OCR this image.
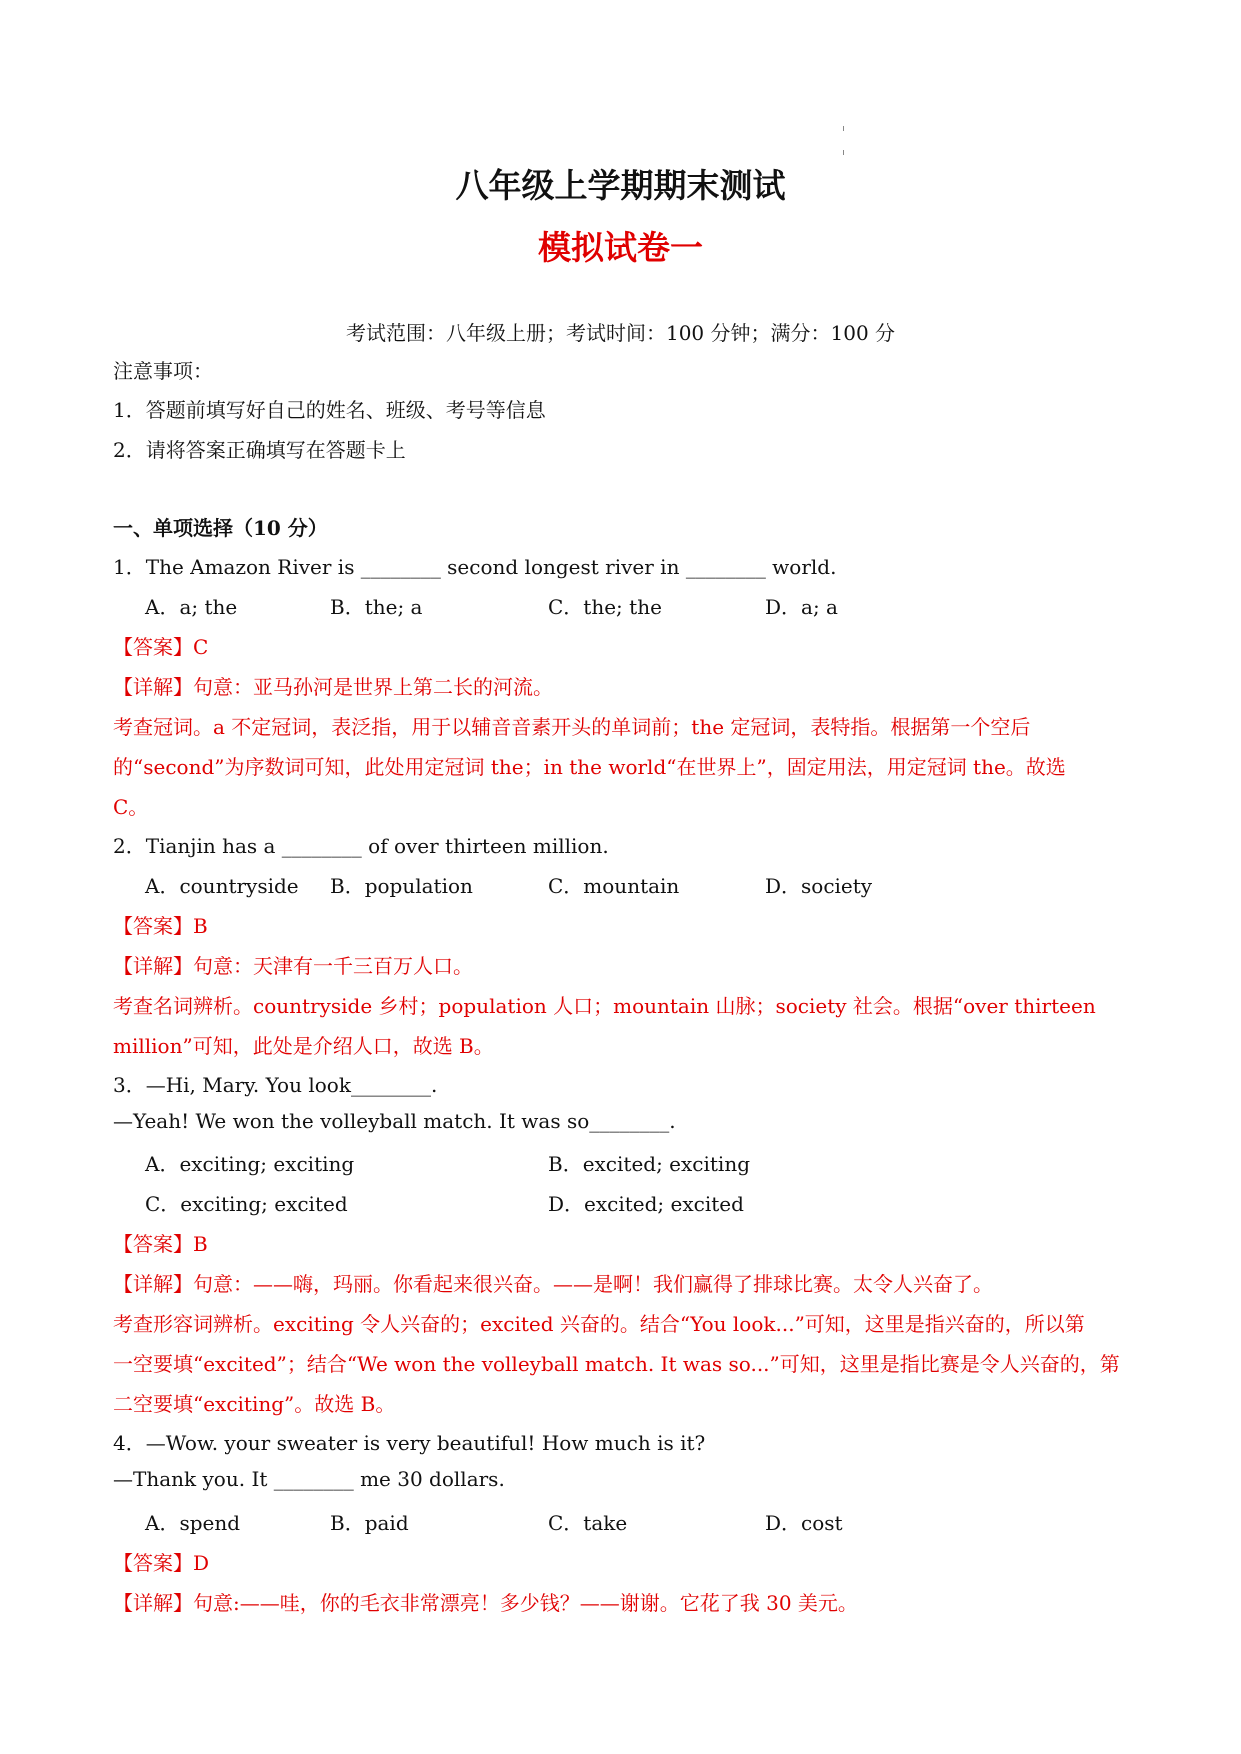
八年级上学期期末测试
模拟试卷一
考试范围：八年级上册；考试时间：100 分钟；满分：100 分
注意事项：
1．答题前填写好自己的姓名、班级、考号等信息
2．请将答案正确填写在答题卡上
一、单项选择（10 分）
1．The Amazon River is ________ second longest river in ________ world.
A．a; the	B．the; a	C．the; the	D．a; a
【答案】C
【详解】句意：亚马孙河是世界上第二长的河流。
考查冠词。a 不定冠词，表泛指，用于以辅音音素开头的单词前；the 定冠词，表特指。根据第一个空后
的“second”为序数词可知，此处用定冠词 the；in the world“在世界上”，固定用法，用定冠词 the。故选
C。
2．Tianjin has a ________ of over thirteen million.
A．countryside B．population	C．mountain	D．society
【答案】B
【详解】句意：天津有一千三百万人口。
考查名词辨析。countryside 乡村；population 人口；mountain 山脉；society 社会。根据“over thirteen
million”可知，此处是介绍人口，故选 B。
3．—Hi, Mary. You look________.
—Yeah! We won the volleyball match. It was so________.
A．exciting; exciting	B．excited; exciting
C．exciting; excited	D．excited; excited
【答案】B
【详解】句意：——嗨，玛丽。你看起来很兴奋。——是啊！我们赢得了排球比赛。太令人兴奋了。
考查形容词辨析。exciting 令人兴奋的；excited 兴奋的。结合“You look...”可知，这里是指兴奋的，所以第
一空要填“excited”；结合“We won the volleyball match. It was so...”可知，这里是指比赛是令人兴奋的，第
二空要填“exciting”。故选 B。
4．—Wow. your sweater is very beautiful! How much is it?
—Thank you. It ________ me 30 dollars.
A．spend	B．paid	C．take	D．cost
【答案】D
【详解】句意:——哇，你的毛衣非常漂亮！多少钱？——谢谢。它花了我 30 美元。
